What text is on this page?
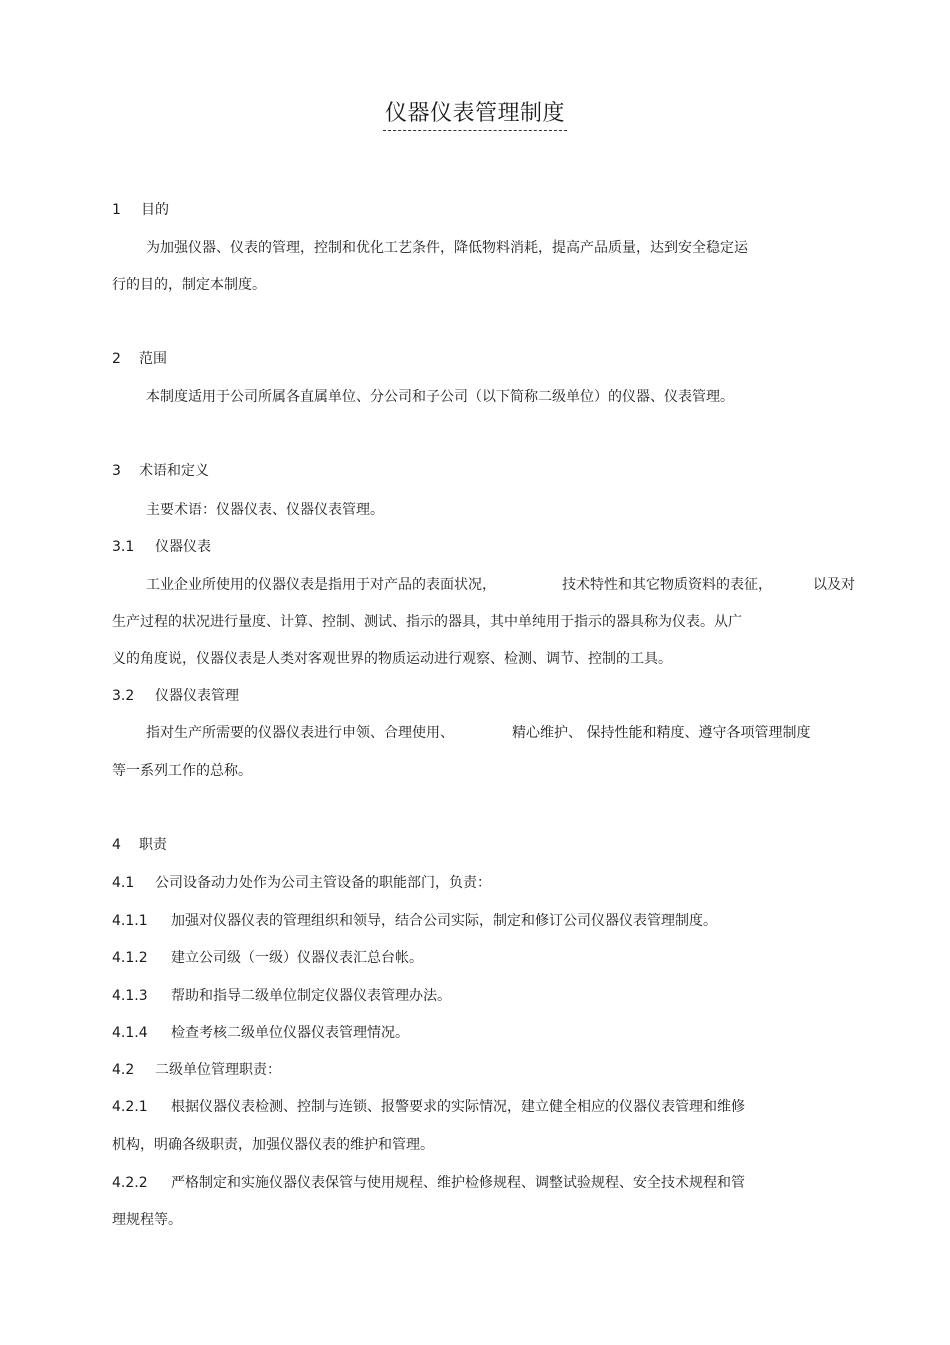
仪器仪表管理制度
1 目的
为加强仪器、仪表的管理，控制和优化工艺条件，降低物料消耗，提高产品质量，达到安全稳定运
行的目的，制定本制度。
2 范围
本制度适用于公司所属各直属单位、分公司和子公司（以下简称二级单位）的仪器、仪表管理。
3 术语和定义
主要术语：仪器仪表、仪器仪表管理。
3.1 仪器仪表
工业企业所使用的仪器仪表是指用于对产品的表面状况，	技术特性和其它物质资料的表征，	以及对
生产过程的状况进行量度、计算、控制、测试、指示的器具，其中单纯用于指示的器具称为仪表。从广
义的角度说，仪器仪表是人类对客观世界的物质运动进行观察、检测、调节、控制的工具。
3.2 仪器仪表管理
指对生产所需要的仪器仪表进行申领、合理使用、	精心维护、 保持性能和精度、遵守各项管理制度
等一系列工作的总称。
4 职责
4.1 公司设备动力处作为公司主管设备的职能部门，负责：
4.1.1 加强对仪器仪表的管理组织和领导，结合公司实际，制定和修订公司仪器仪表管理制度。
4.1.2 建立公司级（一级）仪器仪表汇总台帐。
4.1.3 帮助和指导二级单位制定仪器仪表管理办法。
4.1.4 检查考核二级单位仪器仪表管理情况。
4.2 二级单位管理职责：
4.2.1 根据仪器仪表检测、控制与连锁、报警要求的实际情况，建立健全相应的仪器仪表管理和维修
机构，明确各级职责，加强仪器仪表的维护和管理。
4.2.2 严格制定和实施仪器仪表保管与使用规程、维护检修规程、调整试验规程、安全技术规程和管
理规程等。
